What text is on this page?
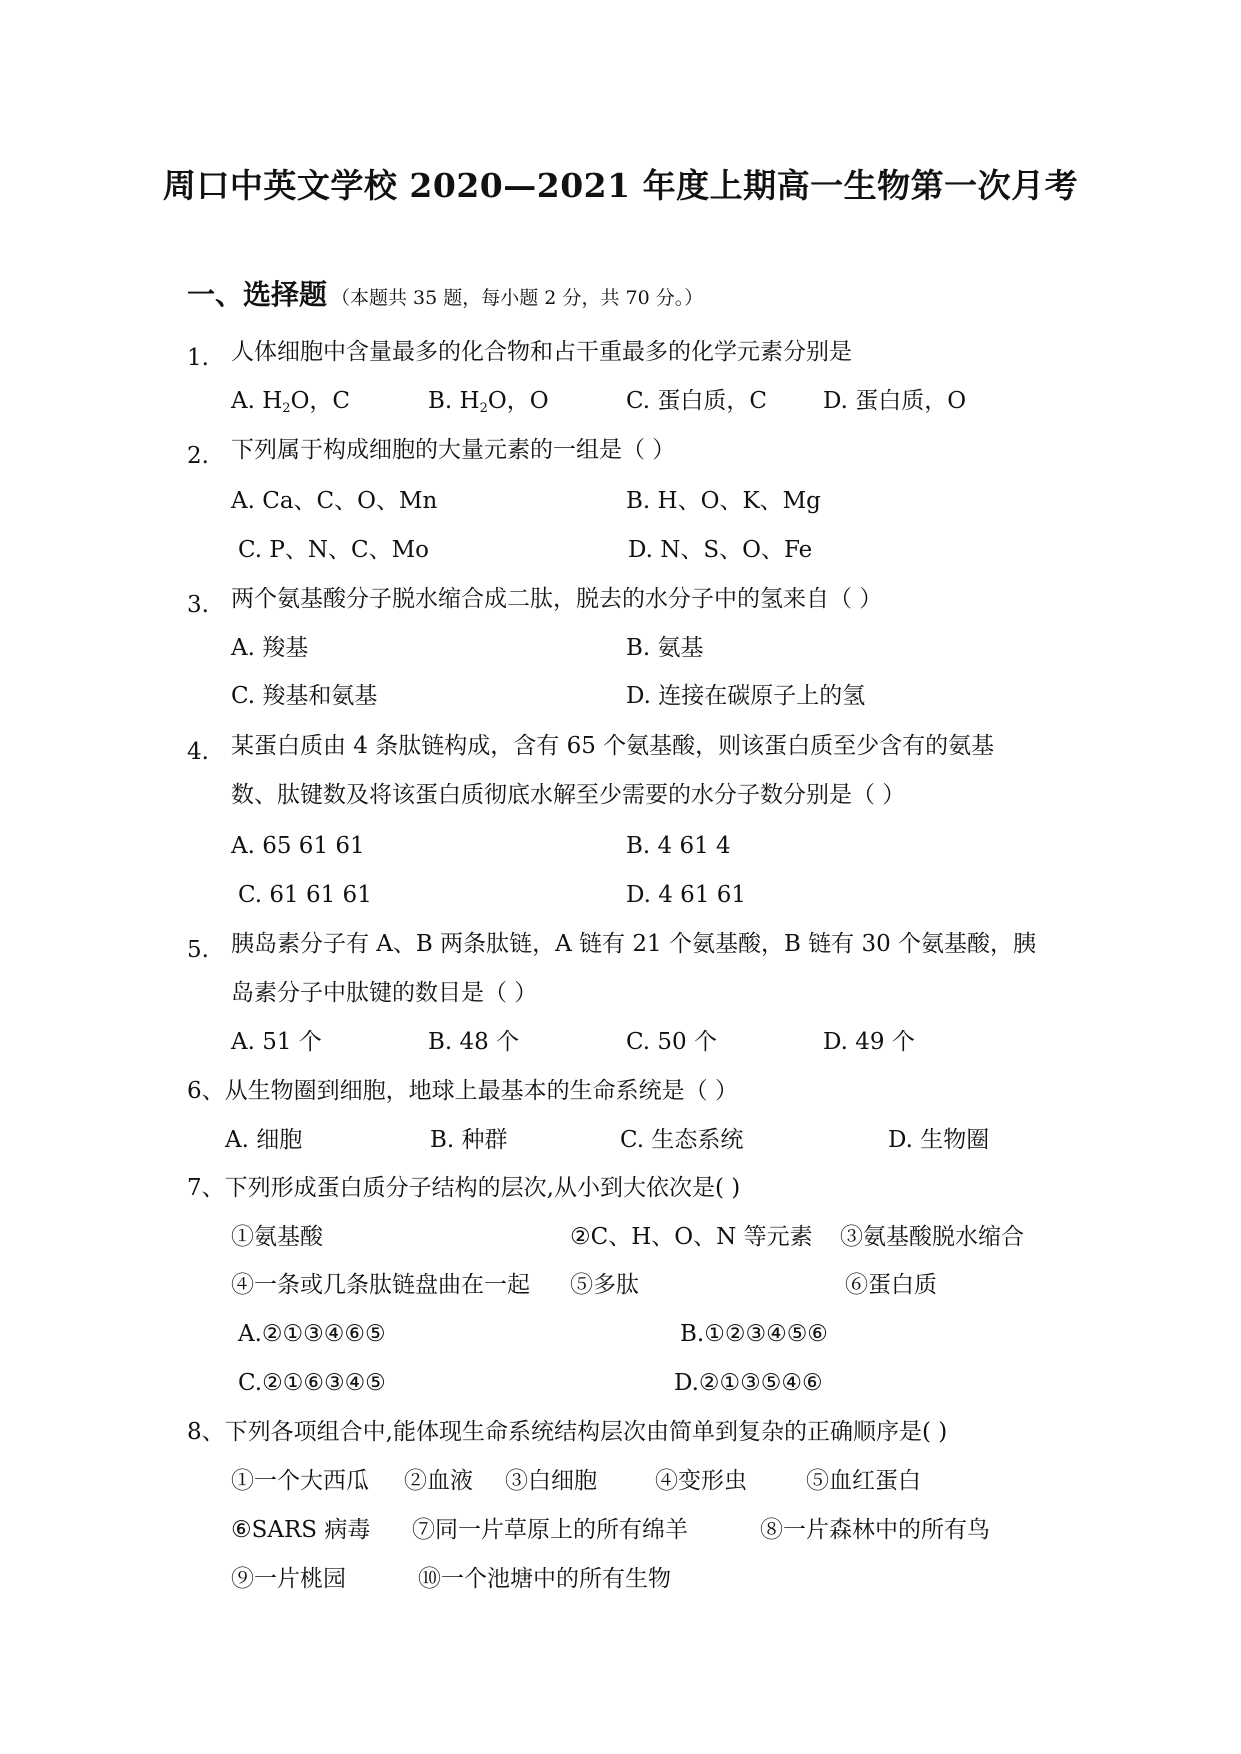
周口中英文学校 2020—2021 年度上期高一生物第一次月考
一、选择题 （本题共 35 题，每小题 2 分，共 70 分。）
1. 人体细胞中含量最多的化合物和占干重最多的化学元素分别是
A. $H_2O$，C	B. $H_2O$，O	C. 蛋白质，C D. 蛋白质，O
2. 下列属于构成细胞的大量元素的一组是（ ）
A. Ca、C、O、Mn	B. H、O、K、Mg
C. P、N、C、Mo	D. N、S、O、Fe
3. 两个氨基酸分子脱水缩合成二肽，脱去的水分子中的氢来自（ ）
A. 羧基	B. 氨基
C. 羧基和氨基	D. 连接在碳原子上的氢
4. 某蛋白质由 4 条肽链构成，含有 65 个氨基酸，则该蛋白质至少含有的氨基
数、肽键数及将该蛋白质彻底水解至少需要的水分子数分别是（ ）
A. 65 61 61	B. 4 61 4
C. 61 61 61	D. 4 61 61
5. 胰岛素分子有 A、B 两条肽链，A 链有 21 个氨基酸，B 链有 30 个氨基酸，胰
岛素分子中肽键的数目是（ ）
A. 51 个	B. 48 个	C. 50 个	D. 49 个
6、从生物圈到细胞，地球上最基本的生命系统是（ ）
A. 细胞	B. 种群	C. 生态系统	D. 生物圈
7、下列形成蛋白质分子结构的层次,从小到大依次是( )
①氨基酸	②C、H、O、N 等元素 ③氨基酸脱水缩合
④一条或几条肽链盘曲在一起 ⑤多肽	⑥蛋白质
A.②①③④⑥⑤	B.①②③④⑤⑥
C.②①⑥③④⑤	D.②①③⑤④⑥
8、下列各项组合中,能体现生命系统结构层次由简单到复杂的正确顺序是( )
①一个大西瓜 ②血液 ③白细胞	④变形虫	⑤血红蛋白
⑥SARS 病毒 ⑦同一片草原上的所有绵羊	⑧一片森林中的所有鸟
⑨一片桃园	⑩一个池塘中的所有生物
